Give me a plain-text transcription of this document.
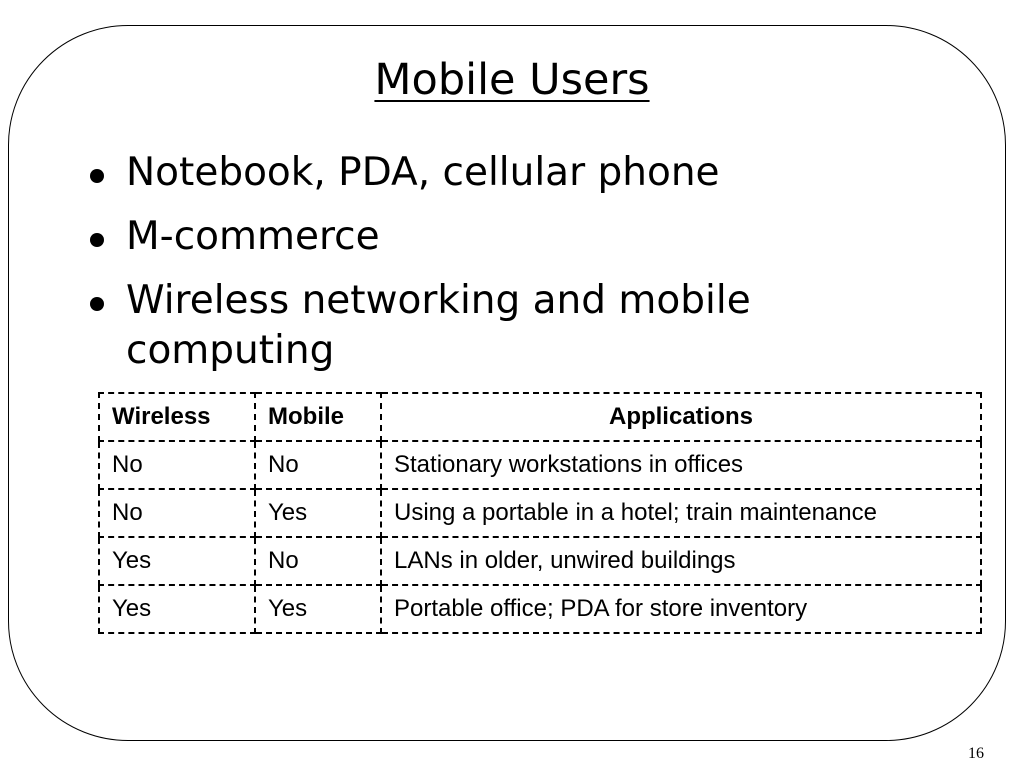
Mobile Users
Notebook, PDA, cellular phone
M-commerce
Wireless networking and mobile computing
Wireless	Mobile	Applications
No	No	Stationary workstations in offices
No	Yes	Using a portable in a hotel; train maintenance
Yes	No	LANs in older, unwired buildings
Yes	Yes	Portable office; PDA for store inventory
16
